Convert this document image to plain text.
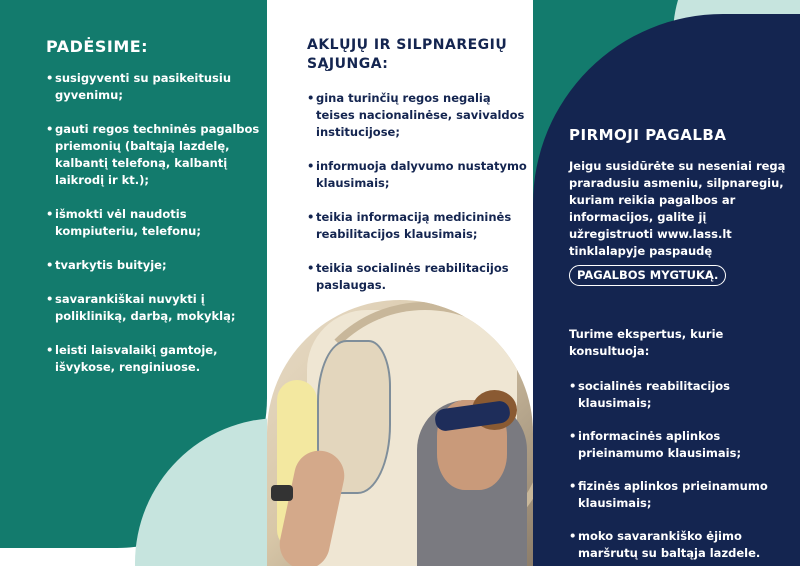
PADĖSIME:
• susigyventi su pasikeitusiu gyvenimu;
• gauti regos techninės pagalbos priemonių (baltąją lazdelę, kalbantį telefoną, kalbantį laikrodį ir kt.);
• išmokti vėl naudotis kompiuteriu, telefonu;
• tvarkytis buityje;
• savarankiškai nuvykti į polikliniką, darbą, mokyklą;
• leisti laisvalaikį gamtoje, išvykose, renginiuose.
AKLŲJŲ IR SILPNAREGIŲ SĄJUNGA:
• gina turinčių regos negalią teises nacionalinėse, savivaldos institucijose;
• informuoja dalyvumo nustatymo klausimais;
• teikia informaciją medicininės reabilitacijos klausimais;
• teikia socialinės reabilitacijos paslaugas.
PIRMOJI PAGALBA

Jeigu susidūrėte su neseniai regą praradusiu asmeniu, silpnaregiu, kuriam reikia pagalbos ar informacijos, galite jį užregistruoti www.lass.lt tinklalapyje paspaudę

PAGALBOS MYGTUKĄ.

Turime ekspertus, kurie konsultuoja:

• socialinės reabilitacijos klausimais;
• informacinės aplinkos prieinamumo klausimais;
• fizinės aplinkos prieinamumo klausimais;
• moko savarankiško ėjimo maršrutų su baltąja lazdele.
